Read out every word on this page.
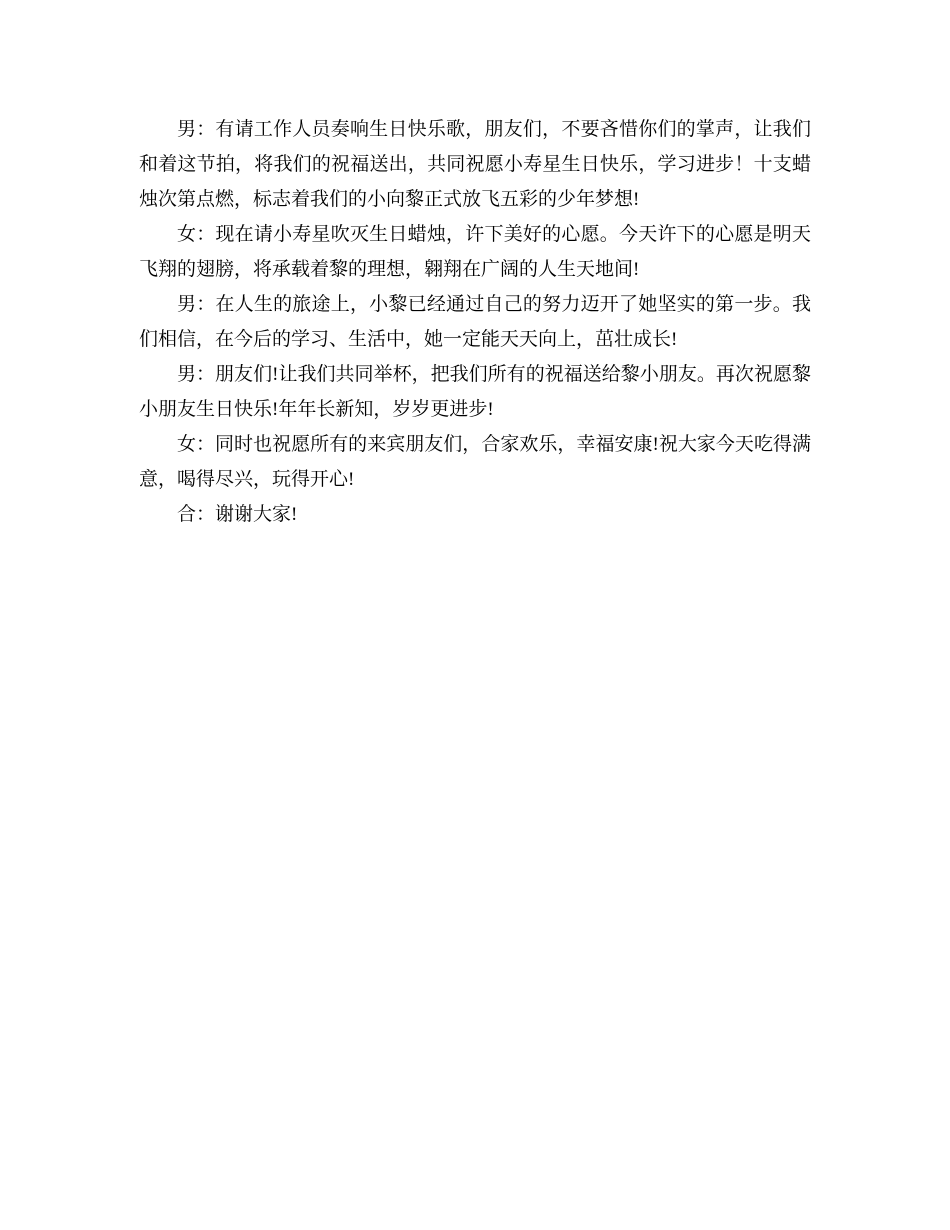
男：有请工作人员奏响生日快乐歌，朋友们，不要吝惜你们的掌声，让我们和着这节拍，将我们的祝福送出，共同祝愿小寿星生日快乐，学习进步！十支蜡烛次第点燃，标志着我们的小向黎正式放飞五彩的少年梦想!

女：现在请小寿星吹灭生日蜡烛，许下美好的心愿。今天许下的心愿是明天飞翔的翅膀，将承载着黎的理想，翱翔在广阔的人生天地间!

男：在人生的旅途上，小黎已经通过自己的努力迈开了她坚实的第一步。我们相信，在今后的学习、生活中，她一定能天天向上，茁壮成长!

男：朋友们!让我们共同举杯，把我们所有的祝福送给黎小朋友。再次祝愿黎小朋友生日快乐!年年长新知，岁岁更进步!

女：同时也祝愿所有的来宾朋友们，合家欢乐，幸福安康!祝大家今天吃得满意，喝得尽兴，玩得开心!

合：谢谢大家!
